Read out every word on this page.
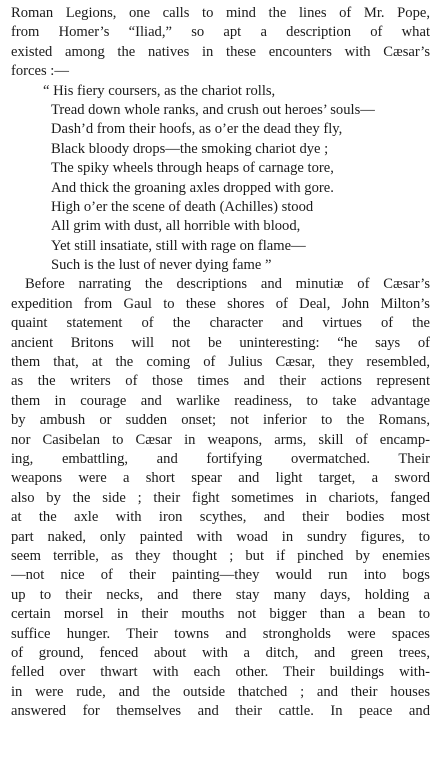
Roman Legions, one calls to mind the lines of Mr. Pope,
from Homer’s “Iliad,” so apt a description of what
existed among the natives in these encounters with Cæsar’s
forces :—
“ His fiery coursers, as the chariot rolls,
Tread down whole ranks, and crush out heroes’ souls—
Dash’d from their hoofs, as o’er the dead they fly,
Black bloody drops—the smoking chariot dye ;
The spiky wheels through heaps of carnage tore,
And thick the groaning axles dropped with gore.
High o’er the scene of death (Achilles) stood
All grim with dust, all horrible with blood,
Yet still insatiate, still with rage on flame—
Such is the lust of never dying fame ”
Before narrating the descriptions and minutiæ of Cæsar’s
expedition from Gaul to these shores of Deal, John Milton’s
quaint statement of the character and virtues of the
ancient Britons will not be uninteresting: “he says of
them that, at the coming of Julius Cæsar, they resembled,
as the writers of those times and their actions represent
them in courage and warlike readiness, to take advantage
by ambush or sudden onset; not inferior to the Romans,
nor Casibelan to Cæsar in weapons, arms, skill of encamp-
ing, embattling, and fortifying overmatched. Their
weapons were a short spear and light target, a sword
also by the side ; their fight sometimes in chariots, fanged
at the axle with iron scythes, and their bodies most
part naked, only painted with woad in sundry figures, to
seem terrible, as they thought ; but if pinched by enemies
—not nice of their painting—they would run into bogs
up to their necks, and there stay many days, holding a
certain morsel in their mouths not bigger than a bean to
suffice hunger. Their towns and strongholds were spaces
of ground, fenced about with a ditch, and green trees,
felled over thwart with each other. Their buildings with-
in were rude, and the outside thatched ; and their houses
answered for themselves and their cattle. In peace and
